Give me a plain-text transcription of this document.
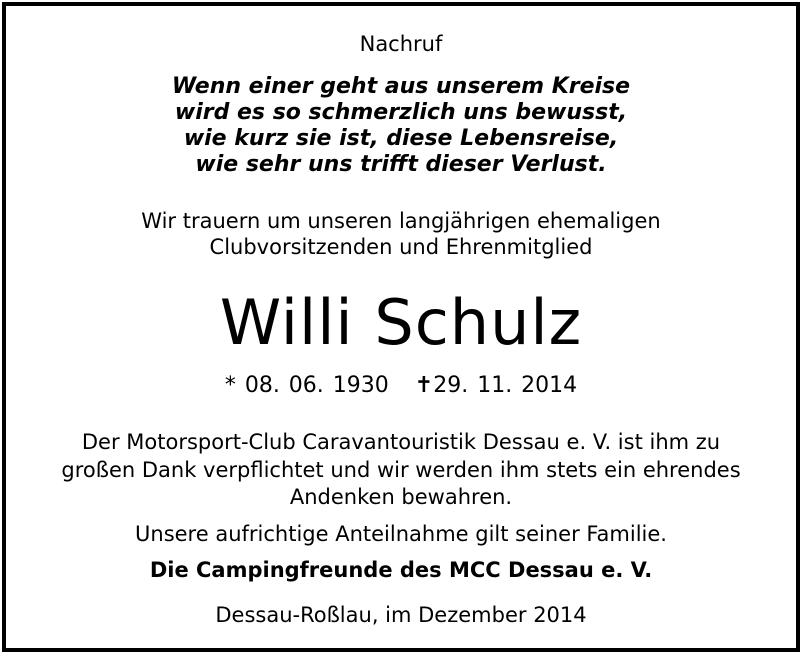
Nachruf
Wenn einer geht aus unserem Kreise
wird es so schmerzlich uns bewusst,
wie kurz sie ist, diese Lebensreise,
wie sehr uns trifft dieser Verlust.
Wir trauern um unseren langjährigen ehemaligen
Clubvorsitzenden und Ehrenmitglied
Willi Schulz
* 08. 06. 1930 ✝29. 11. 2014
Der Motorsport-Club Caravantouristik Dessau e. V. ist ihm zu
großen Dank verpflichtet und wir werden ihm stets ein ehrendes
Andenken bewahren.
Unsere aufrichtige Anteilnahme gilt seiner Familie.
Die Campingfreunde des MCC Dessau e. V.
Dessau-Roßlau, im Dezember 2014
